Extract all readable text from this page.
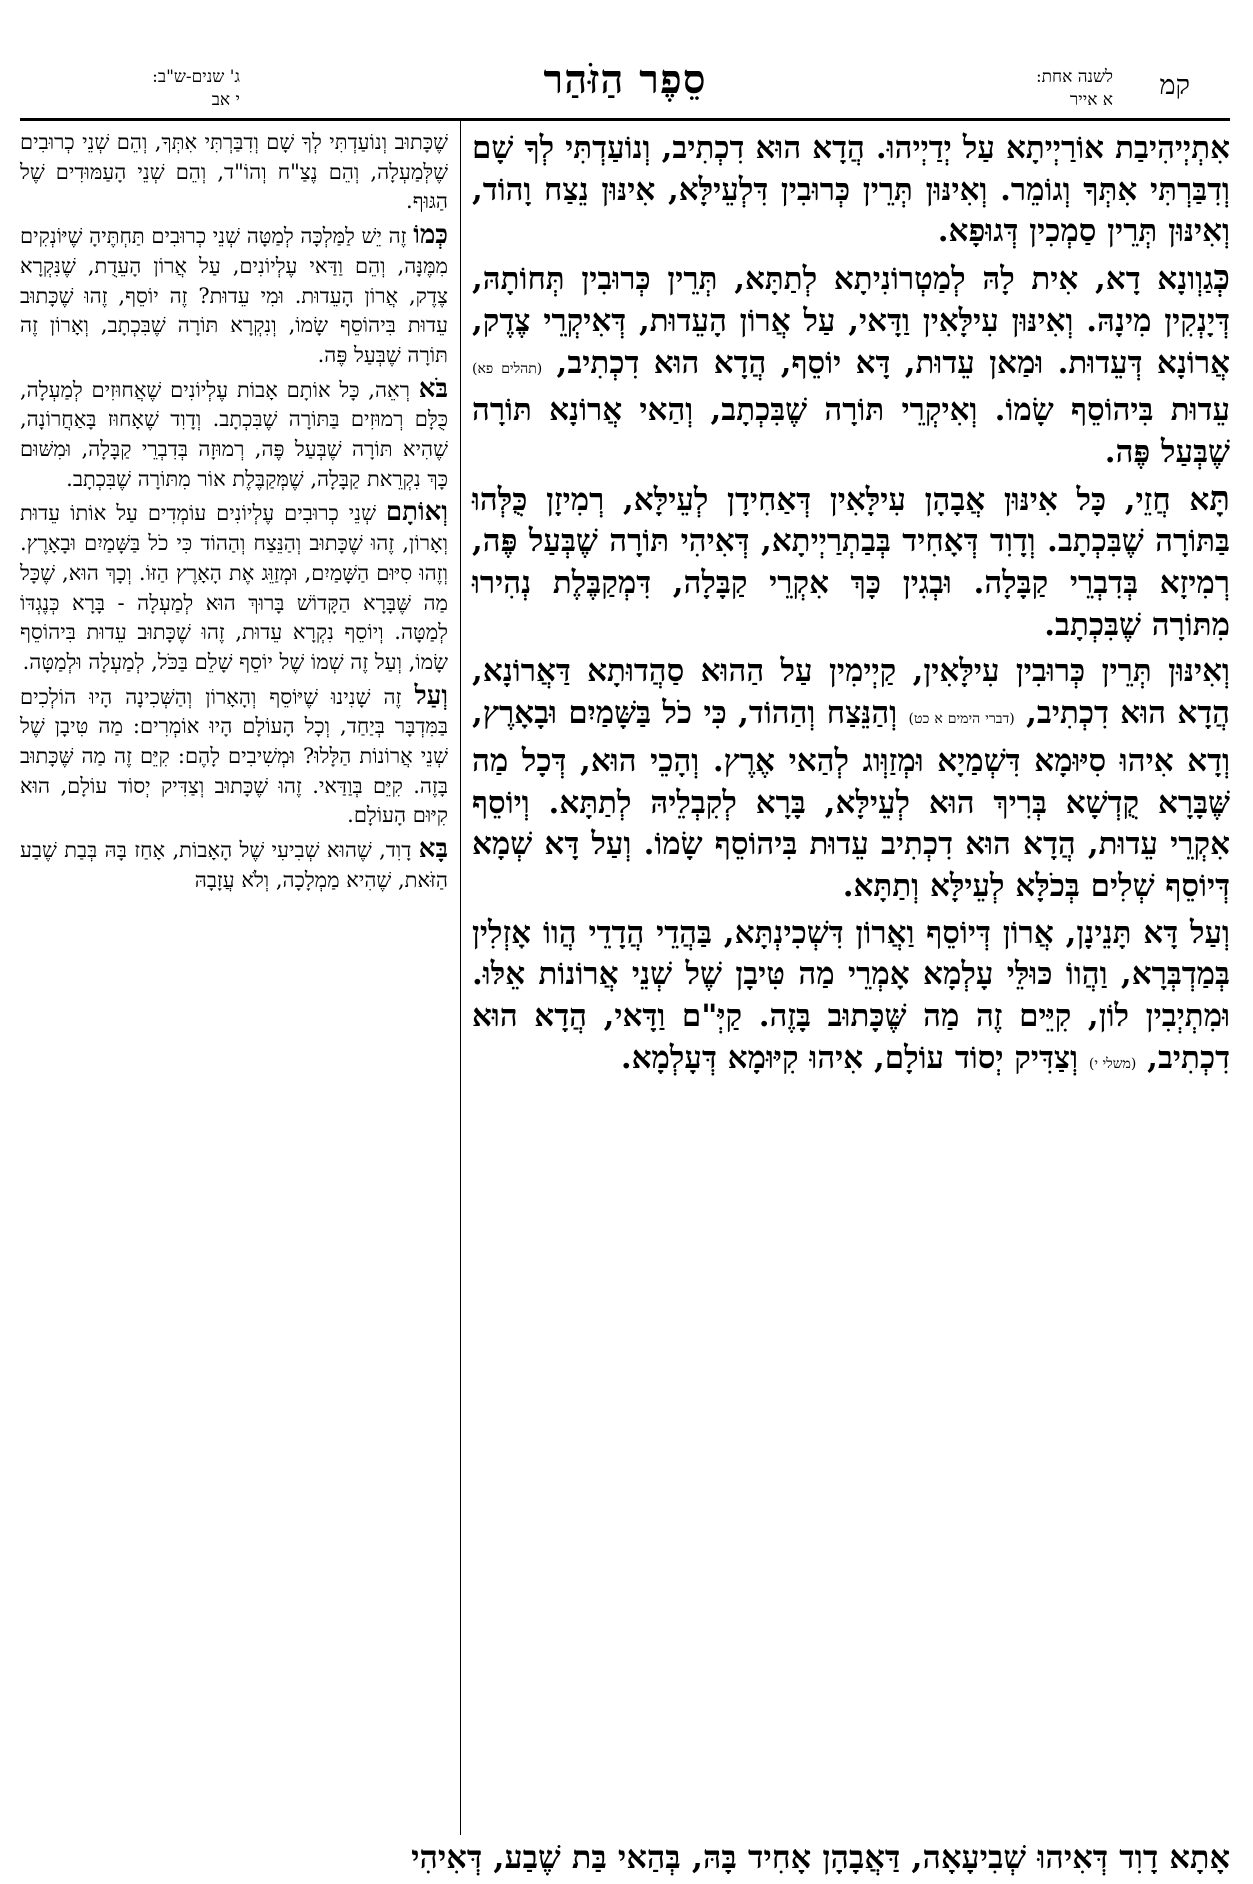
קמ
לשנה אחת:
א אייר
סֵפֶר הַזֹּהַר
ג' שנים-ש"ב:
י אב

אִתְיְיהִיבַת אוֹרַיְיתָא עַל יְדַיְיהוּ. הֲדָא הוּא דִכְתִיב, וְנוֹעַדְתִּי לְךָ שָׁם וְדִבַּרְתִּי אִתְּךָ וְגוֹמֵר. וְאִינּוּן תְּרֵין כְּרוּבִין דִּלְעֵילָּא, אִינּוּן נֵצַח וָהוֹד, וְאִינּוּן תְּרֵין סַמְכִין דְּגוּפָא.

כְּגַוְונָא דָא, אִית לָהּ לְמַטְרוֹנִיתָא לְתַתָּא, תְּרֵין כְּרוּבִין תְּחוֹתָהּ, דְּיָנְקִין מִינָהּ. וְאִינּוּן עִילָּאִין וַדָּאי, עַל אֲרוֹן הָעֵדוּת, דְּאִיקְרֵי צֶדֶק, אֲרוֹנָא דְּעֵדוּת. וּמַאן עֵדוּת, דָּא יוֹסֵף, הֲדָא הוּא דִכְתִיב, (תהלים פא) עֵדוּת בִּיהוֹסֵף שָׂמוֹ. וְאִיקְרֵי תּוֹרָה שֶׁבִּכְתָב, וְהַאי אֲרוֹנָא תּוֹרָה שֶׁבְּעַל פֶּה.

תָּא חֲזֵי, כָּל אִינּוּן אֲבָהָן עִילָּאִין דְּאַחִידָן לְעֵילָּא, רְמִיזָן כֻּלְּהוּ בַּתּוֹרָה שֶׁבִּכְתָב. וְדָוִד דְּאָחִיד בְּבַתְרַיְיתָא, דְּאִיהִי תּוֹרָה שֶׁבְּעַל פֶּה, רְמִיזָא בְּדִבְרֵי קַבָּלָה. וּבְגִין כָּךְ אִקְרֵי קַבָּלָה, דִּמְקַבֶּלֶת נְהִירוּ מִתּוֹרָה שֶׁבִּכְתָב.

וְאִינּוּן תְּרֵין כְּרוּבִין עִילָּאִין, קַיְימִין עַל הַהוּא סַהֲדוּתָא דַּאֲרוֹנָא, הֲדָא הוּא דִכְתִיב, (דברי הימים א כט) וְהַנֵּצַח וְהַהוֹד, כִּי כֹל בַּשָּׁמַיִם וּבָאָרֶץ, וְדָא אִיהוּ סִיּוּמָא דִּשְׁמַיָא וּמְזַוְּוג לְהַאי אֶרֶץ. וְהָכֵי הוּא, דְּכָל מַה שֶּׁבָּרָא קֻדְשָׁא בְּרִיךְ הוּא לְעֵילָּא, בָּרָא לְקִבְלֵיהּ לְתַתָּא. וְיוֹסֵף אִקְרֵי עֵדוּת, הֲדָא הוּא דִכְתִיב עֵדוּת בִּיהוֹסֵף שָׂמוֹ. וְעַל דָּא שְׁמָא דְּיוֹסֵף שְׁלִים בְּכֹלָּא לְעֵילָּא וְתַתָּא.

וְעַל דָּא תָּנֵינָן, אֲרוֹן דְּיוֹסֵף וַאֲרוֹן דִּשְׁכִינְתָּא, בַּהֲדֵי הֲדָדֵי הֲווֹ אָזְלִין בְּמַדְבְּרָא, וַהֲווֹ כּוּלֵּי עָלְמָא אָמְרֵי מַה טִּיבָן שֶׁל שְׁנֵי אֲרוֹנוֹת אֵלּוּ. וּמִתְיְבִין לוֹן, קִיֵּים זֶה מַה שֶּׁכָּתוּב בָּזֶה. קַיְּ"ם וַדָּאי, הֲדָא הוּא דִכְתִיב, (משלי י) וְצַדִּיק יְסוֹד עוֹלָם, אִיהוּ קִיּוּמָא דְּעָלְמָא.

שֶׁכָּתוּב וְנוֹעַדְתִּי לְךָ שָׁם וְדִבַּרְתִּי אִתְּךָ, וְהֵם שְׁנֵי כְרוּבִים שֶׁלְּמַעְלָה, וְהֵם נֶצַ"ח וְהוֹ"ד, וְהֵם שְׁנֵי הָעַמּוּדִים שֶׁל הַגּוּף.

כְּמוֹ זֶה יֵשׁ לַמַּלְכָּה לְמַטָּה שְׁנֵי כְרוּבִים תַּחְתֶּיהָ שֶׁיּוֹנְקִים מִמֶּנָּה, וְהֵם וַדַּאי עֶלְיוֹנִים, עַל אֲרוֹן הָעֵדֻת, שֶׁנִּקְרָא צֶדֶק, אֲרוֹן הָעֵדוּת. וּמִי עֵדוּת? זֶה יוֹסֵף, זֶהוּ שֶׁכָּתוּב עֵדוּת בִּיהוֹסֵף שָׂמוֹ, וְנִקְרָא תּוֹרָה שֶׁבִּכְתָב, וְאָרוֹן זֶה תּוֹרָה שֶׁבְּעַל פֶּה.

בֹּא רְאֵה, כָּל אוֹתָם אָבוֹת עֶלְיוֹנִים שֶׁאֲחוּזִים לְמַעְלָה, כֻּלָּם רְמוּזִים בַּתּוֹרָה שֶׁבִּכְתָב. וְדָוִד שֶׁאָחוּז בָּאַחֲרוֹנָה, שֶׁהִיא תּוֹרָה שֶׁבְּעַל פֶּה, רְמוּזָה בְּדִבְרֵי קַבָּלָה, וּמִשּׁוּם כָּךְ נִקְרֵאת קַבָּלָה, שֶׁמְּקַבֶּלֶת אוֹר מִתּוֹרָה שֶׁבִּכְתָב.

וְאוֹתָם שְׁנֵי כְרוּבִים עֶלְיוֹנִים עוֹמְדִים עַל אוֹתוֹ עֵדוּת וְאָרוֹן, זֶהוּ שֶׁכָּתוּב וְהַנֵּצַח וְהַהוֹד כִּי כֹל בַּשָּׁמַיִם וּבָאָרֶץ. וְזֶהוּ סִיּוּם הַשָּׁמַיִם, וּמְזַוֵּג אֶת הָאָרֶץ הַזּוֹ. וְכָךְ הוּא, שֶׁכָּל מַה שֶּׁבָּרָא הַקָּדוֹשׁ בָּרוּךְ הוּא לְמַעְלָה - בָּרָא כְּנֶגְדּוֹ לְמַטָּה. וְיוֹסֵף נִקְרָא עֵדוּת, זֶהוּ שֶׁכָּתוּב עֵדוּת בִּיהוֹסֵף שָׂמוֹ, וְעַל זֶה שְׁמוֹ שֶׁל יוֹסֵף שָׁלֵם בַּכֹּל, לְמַעְלָה וּלְמַטָּה.

וְעַל זֶה שָׁנִינוּ שֶׁיּוֹסֵף וְהָאָרוֹן וְהַשְּׁכִינָה הָיוּ הוֹלְכִים בַּמִּדְבָּר בְּיַחַד, וְכָל הָעוֹלָם הָיוּ אוֹמְרִים: מַה טִּיבָן שֶׁל שְׁנֵי אֲרוֹנוֹת הַלָּלוּ? וּמְשִׁיבִים לָהֶם: קִיֵּם זֶה מַה שֶּׁכָּתוּב בָּזֶה. קִיֵּם בְּוַדַּאי. זֶהוּ שֶׁכָּתוּב וְצַדִּיק יְסוֹד עוֹלָם, הוּא קִיּוּם הָעוֹלָם.

בָּא דָוִד, שֶׁהוּא שְׁבִיעִי שֶׁל הָאָבוֹת, אָחַז בָּהּ בְּבַת שֶׁבַע הַזֹּאת, שֶׁהִיא מַמְלָכָה, וְלֹא עֲזָבָהּ

אָתָא דָוִד דְּאִיהוּ שְׁבִיעָאָה, דַּאֲבָהָן אָחִיד בָּהּ, בְּהַאי בַּת שֶׁבַע, דְּאִיהִי
